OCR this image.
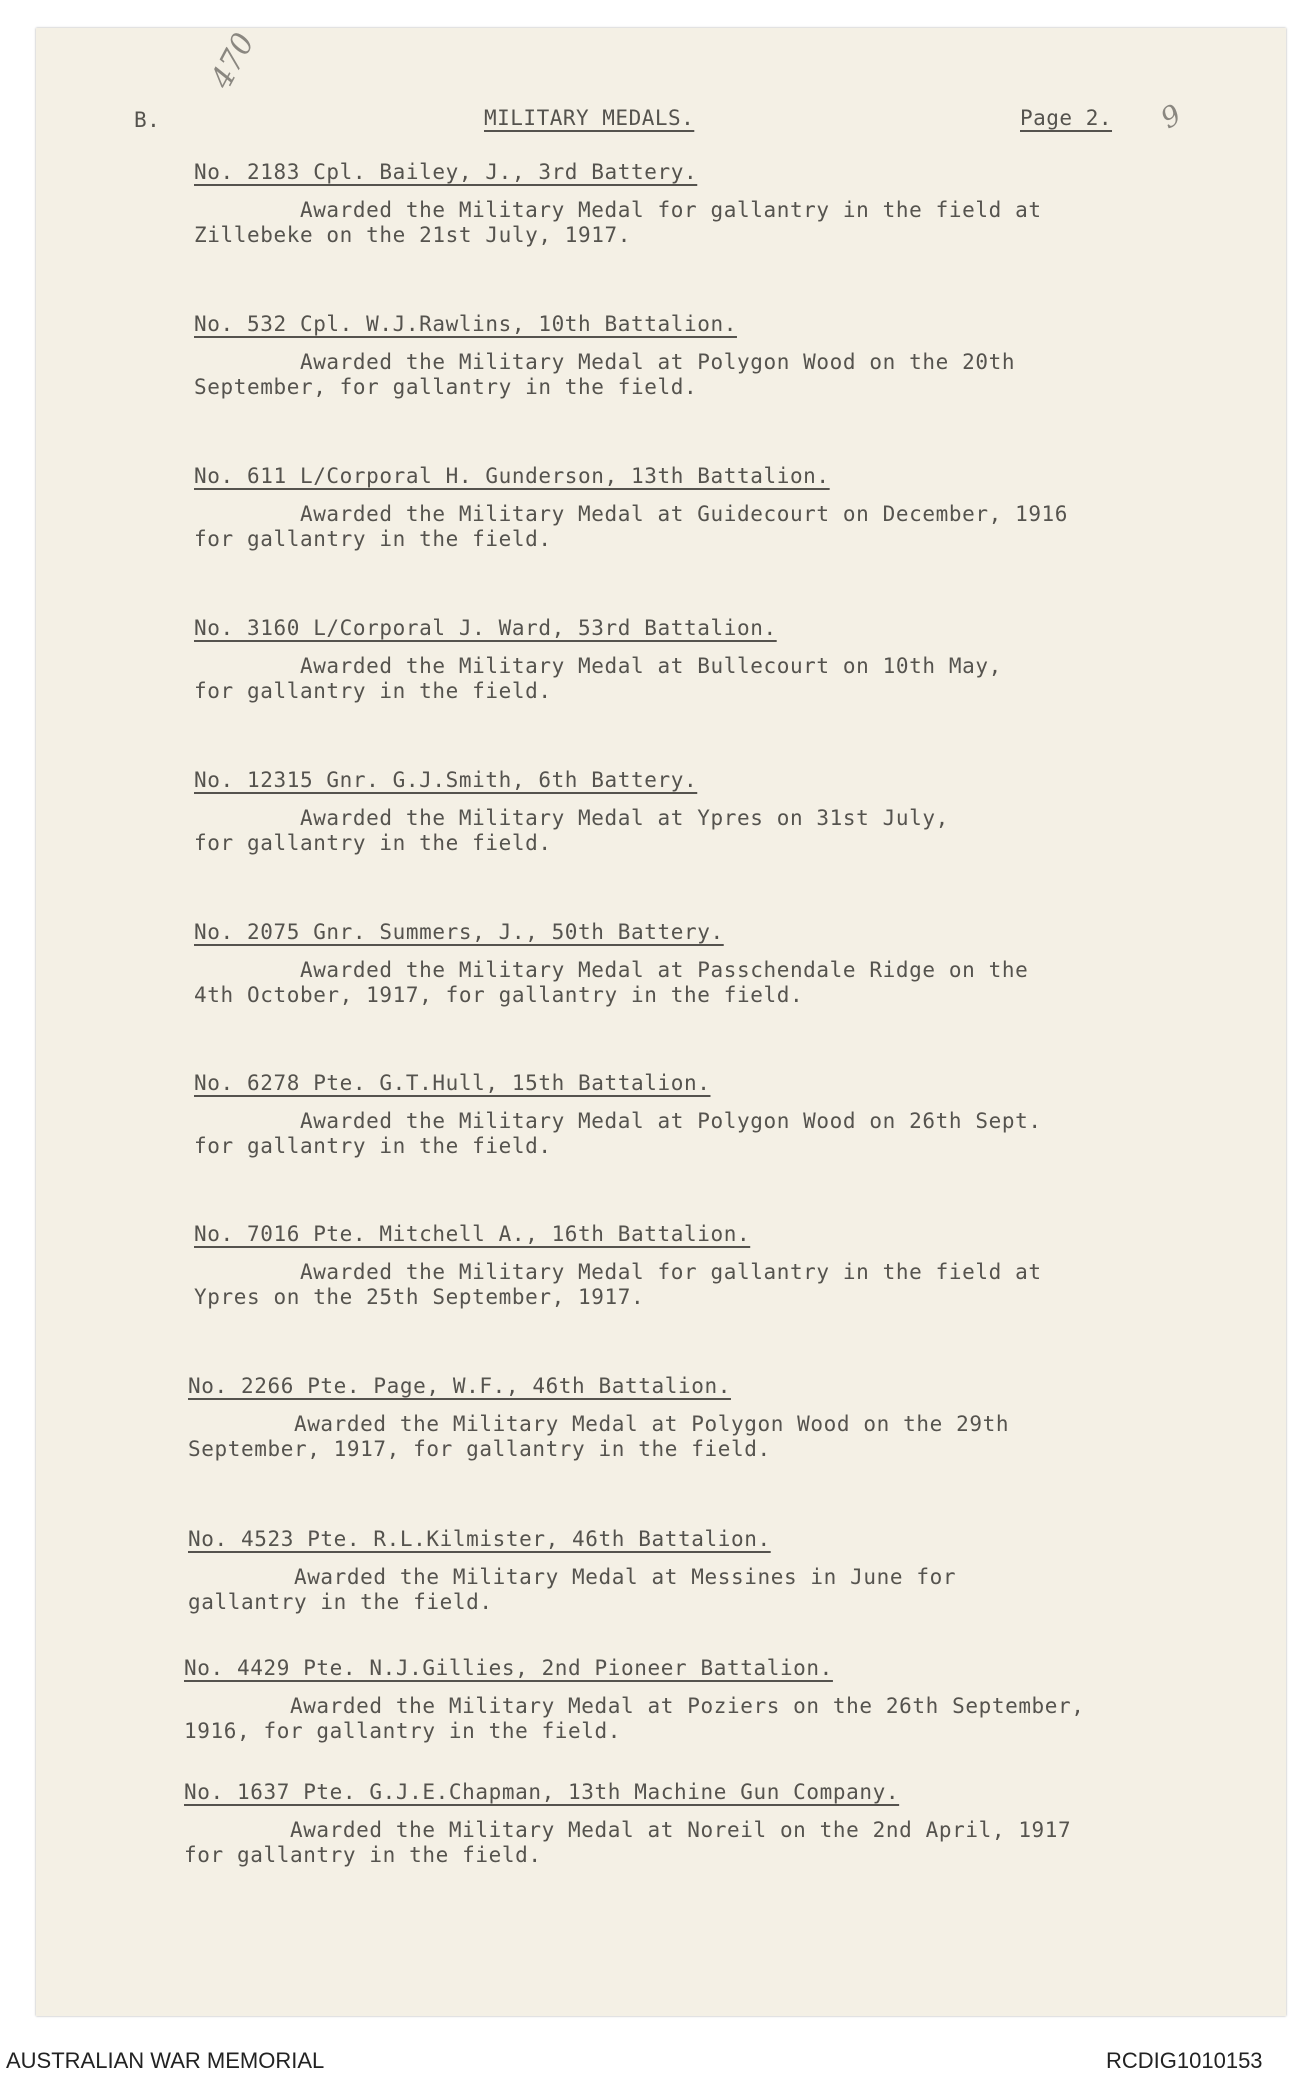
B.
470
MILITARY MEDALS.	Page 2. 9
No. 2183 Cpl. Bailey, J., 3rd Battery.
Awarded the Military Medal for gallantry in the field at
Zillebeke on the 21st July, 1917.
No. 532 Cpl. W.J.Rawlins, 10th Battalion.
Awarded the Military Medal at Polygon Wood on the 20th
September, for gallantry in the field.
No. 611 L/Corporal H. Gunderson, 13th Battalion.
Awarded the Military Medal at Guidecourt on December, 1916
for gallantry in the field.
No. 3160 L/Corporal J. Ward, 53rd Battalion.
Awarded the Military Medal at Bullecourt on 10th May,
for gallantry in the field.
No. 12315 Gnr. G.J.Smith, 6th Battery.
Awarded the Military Medal at Ypres on 31st July,
for gallantry in the field.
No. 2075 Gnr. Summers, J., 50th Battery.
Awarded the Military Medal at Passchendale Ridge on the
4th October, 1917, for gallantry in the field.
No. 6278 Pte. G.T.Hull, 15th Battalion.
Awarded the Military Medal at Polygon Wood on 26th Sept.
for gallantry in the field.
No. 7016 Pte. Mitchell A., 16th Battalion.
Awarded the Military Medal for gallantry in the field at
Ypres on the 25th September, 1917.
No. 2266 Pte. Page, W.F., 46th Battalion.
Awarded the Military Medal at Polygon Wood on the 29th
September, 1917, for gallantry in the field.
No. 4523 Pte. R.L.Kilmister, 46th Battalion.
Awarded the Military Medal at Messines in June for
gallantry in the field.
No. 4429 Pte. N.J.Gillies, 2nd Pioneer Battalion.
Awarded the Military Medal at Poziers on the 26th September,
1916, for gallantry in the field.
No. 1637 Pte. G.J.E.Chapman, 13th Machine Gun Company.
Awarded the Military Medal at Noreil on the 2nd April, 1917
for gallantry in the field.
AUSTRALIAN WAR MEMORIAL	RCDIG1010153
